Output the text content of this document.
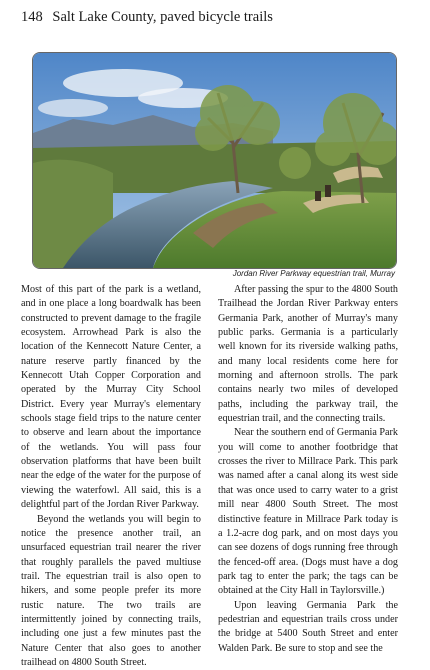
148 Salt Lake County, paved bicycle trails
Jordan River Parkway equestrian trail, Murray

Most of this part of the park is a wetland, and in one place a long boardwalk has been constructed to prevent damage to the fragile ecosystem. Arrowhead Park is also the location of the Kennecott Nature Center, a nature reserve partly financed by the Kennecott Utah Copper Corporation and operated by the Murray City School District. Every year Murray's elementary schools stage field trips to the nature center to observe and learn about the importance of the wetlands. You will pass four observation platforms that have been built near the edge of the water for the purpose of viewing the waterfowl. All said, this is a delightful part of the Jordan River Parkway.

Beyond the wetlands you will begin to notice the presence another trail, an unsurfaced equestrian trail nearer the river that roughly parallels the paved multiuse trail. The equestrian trail is also open to hikers, and some people prefer its more rustic nature. The two trails are intermittently joined by connecting trails, including one just a few minutes past the Nature Center that also goes to another trailhead on 4800 South Street.

After passing the spur to the 4800 South Trailhead the Jordan River Parkway enters Germania Park, another of Murray's many public parks. Germania is a particularly well known for its riverside walking paths, and many local residents come here for morning and afternoon strolls. The park contains nearly two miles of developed paths, including the parkway trail, the equestrian trail, and the connecting trails.

Near the southern end of Germania Park you will come to another footbridge that crosses the river to Millrace Park. This park was named after a canal along its west side that was once used to carry water to a grist mill near 4800 South Street. The most distinctive feature in Millrace Park today is a 1.2-acre dog park, and on most days you can see dozens of dogs running free through the fenced-off area. (Dogs must have a dog park tag to enter the park; the tags can be obtained at the City Hall in Taylorsville.)

Upon leaving Germania Park the pedestrian and equestrian trails cross under the bridge at 5400 South Street and enter Walden Park. Be sure to stop and see the
